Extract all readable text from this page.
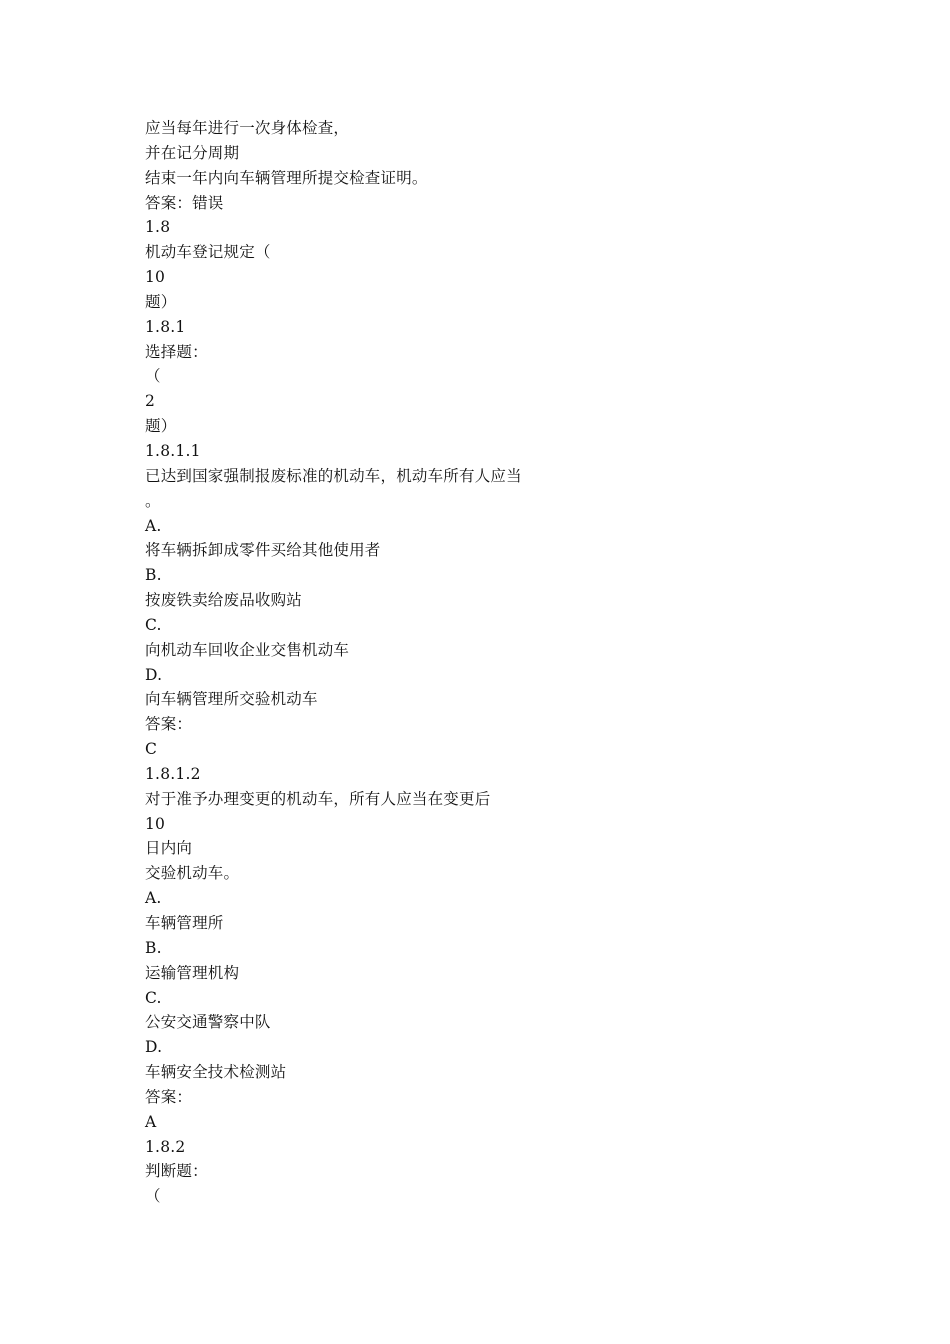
应当每年进行一次身体检查，
并在记分周期
结束一年内向车辆管理所提交检查证明。
答案：错误
1.8
机动车登记规定（
10
题）
1.8.1
选择题：
（
2
题）
1.8.1.1
已达到国家强制报废标准的机动车，机动车所有人应当
。
A.
将车辆拆卸成零件买给其他使用者
B.
按废铁卖给废品收购站
C.
向机动车回收企业交售机动车
D.
向车辆管理所交验机动车
答案：
C
1.8.1.2
对于准予办理变更的机动车，所有人应当在变更后
10
日内向
交验机动车。
A.
车辆管理所
B.
运输管理机构
C.
公安交通警察中队
D.
车辆安全技术检测站
答案：
A
1.8.2
判断题：
（
